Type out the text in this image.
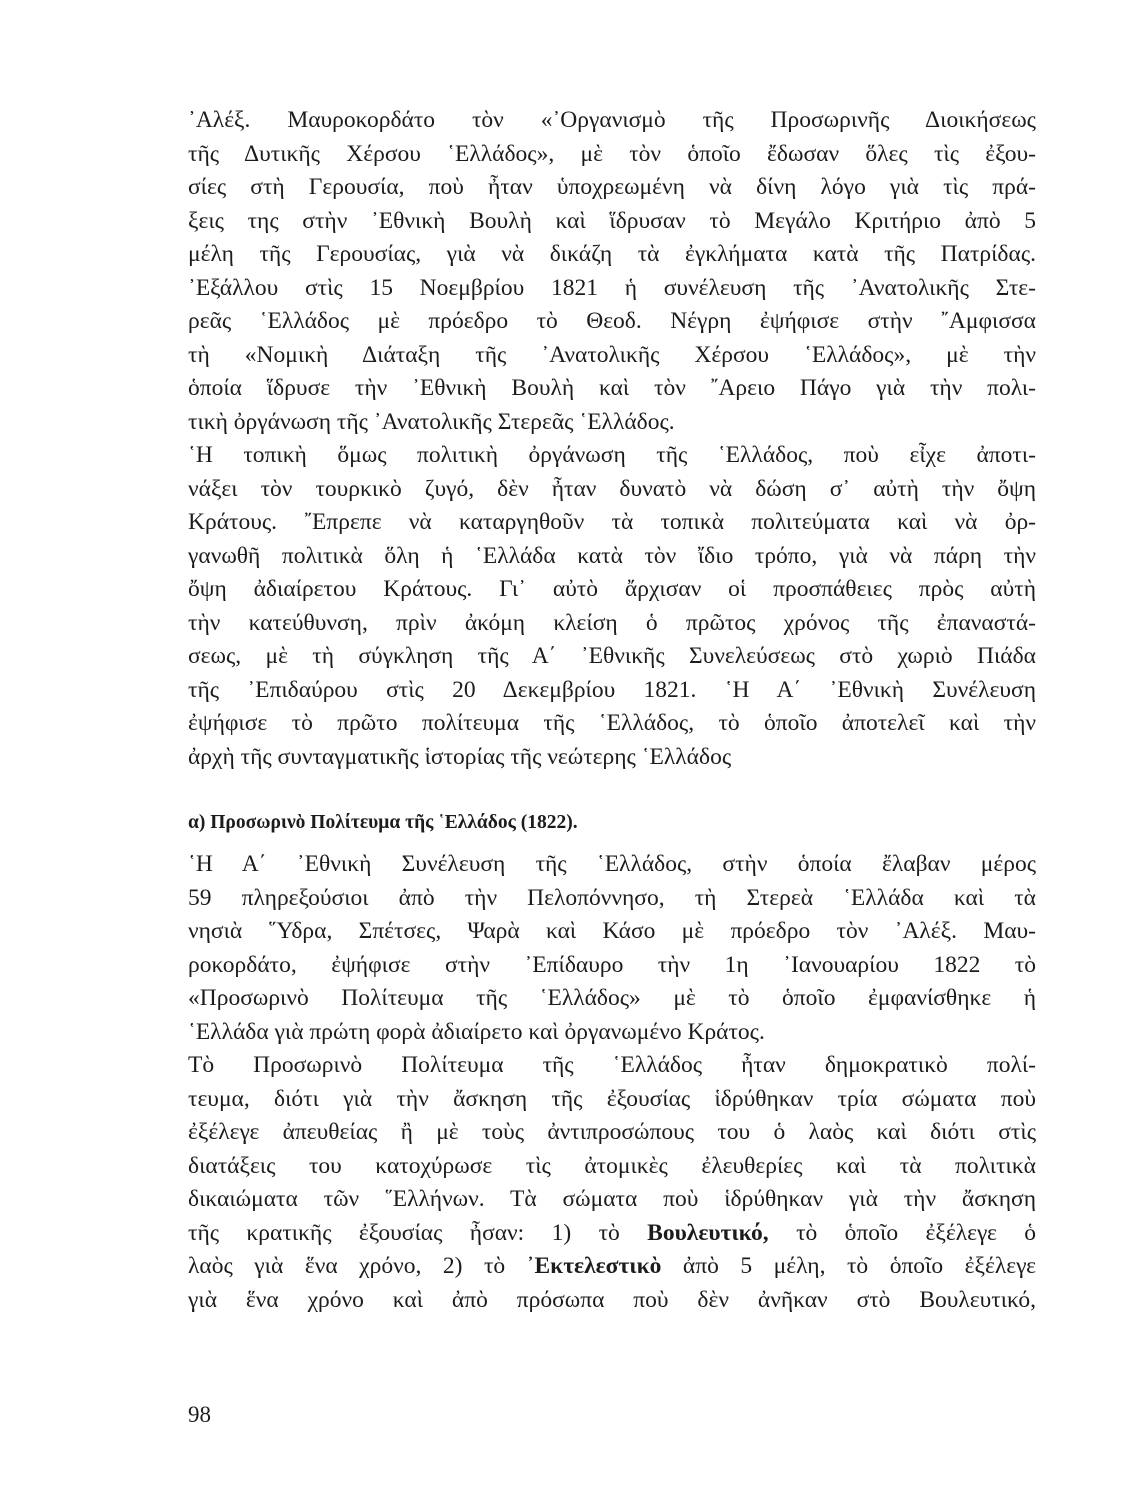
᾿Αλέξ. Μαυροκορδάτο τὸν «᾿Οργανισμὸ τῆς Προσωρινῆς Διοικήσεως
τῆς Δυτικῆς Χέρσου ῾Ελλάδος», μὲ τὸν ὁποῖο ἔδωσαν ὅλες τὶς ἐξου-
σίες στὴ Γερουσία, ποὺ ἦταν ὑποχρεωμένη νὰ δίνη λόγο γιὰ τὶς πρά-
ξεις της στὴν ᾿Εθνικὴ Βουλὴ καὶ ἵδρυσαν τὸ Μεγάλο Κριτήριο ἀπὸ 5
μέλη τῆς Γερουσίας, γιὰ νὰ δικάζη τὰ ἐγκλήματα κατὰ τῆς Πατρίδας.
᾿Εξάλλου στὶς 15 Νοεμβρίου 1821 ἡ συνέλευση τῆς ᾿Ανατολικῆς Στε-
ρεᾶς ῾Ελλάδος μὲ πρόεδρο τὸ Θεοδ. Νέγρη ἐψήφισε στὴν ῎Αμφισσα
τὴ «Νομικὴ Διάταξη τῆς ᾿Ανατολικῆς Χέρσου ῾Ελλάδος», μὲ τὴν
ὁποία ἵδρυσε τὴν ᾿Εθνικὴ Βουλὴ καὶ τὸν ῎Αρειο Πάγο γιὰ τὴν πολι-
τικὴ ὀργάνωση τῆς ᾿Ανατολικῆς Στερεᾶς ῾Ελλάδος.
῾Η τοπικὴ ὅμως πολιτικὴ ὀργάνωση τῆς ῾Ελλάδος, ποὺ εἶχε ἀποτι-
νάξει τὸν τουρκικὸ ζυγό, δὲν ἦταν δυνατὸ νὰ δώση σ᾿ αὐτὴ τὴν ὄψη
Κράτους. ῎Επρεπε νὰ καταργηθοῦν τὰ τοπικὰ πολιτεύματα καὶ νὰ ὀρ-
γανωθῆ πολιτικὰ ὅλη ἡ ῾Ελλάδα κατὰ τὸν ἴδιο τρόπο, γιὰ νὰ πάρη τὴν
ὄψη ἀδιαίρετου Κράτους. Γι᾿ αὐτὸ ἄρχισαν οἱ προσπάθειες πρὸς αὐτὴ
τὴν κατεύθυνση, πρὶν ἀκόμη κλείση ὁ πρῶτος χρόνος τῆς ἐπαναστά-
σεως, μὲ τὴ σύγκληση τῆς Α΄ ᾿Εθνικῆς Συνελεύσεως στὸ χωριὸ Πιάδα
τῆς ᾿Επιδαύρου στὶς 20 Δεκεμβρίου 1821. ῾Η Α΄ ᾿Εθνικὴ Συνέλευση
ἐψήφισε τὸ πρῶτο πολίτευμα τῆς ῾Ελλάδος, τὸ ὁποῖο ἀποτελεῖ καὶ τὴν
ἀρχὴ τῆς συνταγματικῆς ἱστορίας τῆς νεώτερης ῾Ελλάδος
α) Προσωρινὸ Πολίτευμα τῆς ῾Ελλάδος (1822).
῾Η Α΄ ᾿Εθνικὴ Συνέλευση τῆς ῾Ελλάδος, στὴν ὁποία ἔλαβαν μέρος
59 πληρεξούσιοι ἀπὸ τὴν Πελοπόννησο, τὴ Στερεὰ ῾Ελλάδα καὶ τὰ
νησιὰ ῞Υδρα, Σπέτσες, Ψαρὰ καὶ Κάσο μὲ πρόεδρο τὸν ᾿Αλέξ. Μαυ-
ροκορδάτο, ἐψήφισε στὴν ᾿Επίδαυρο τὴν 1η ᾿Ιανουαρίου 1822 τὸ
«Προσωρινὸ Πολίτευμα τῆς ῾Ελλάδος» μὲ τὸ ὁποῖο ἐμφανίσθηκε ἡ
῾Ελλάδα γιὰ πρώτη φορὰ ἀδιαίρετο καὶ ὀργανωμένο Κράτος.
Τὸ Προσωρινὸ Πολίτευμα τῆς ῾Ελλάδος ἦταν δημοκρατικὸ πολί-
τευμα, διότι γιὰ τὴν ἄσκηση τῆς ἐξουσίας ἱδρύθηκαν τρία σώματα ποὺ
ἐξέλεγε ἀπευθείας ἢ μὲ τοὺς ἀντιπροσώπους του ὁ λαὸς καὶ διότι στὶς
διατάξεις του κατοχύρωσε τὶς ἀτομικὲς ἐλευθερίες καὶ τὰ πολιτικὰ
δικαιώματα τῶν ῞Ελλήνων. Τὰ σώματα ποὺ ἱδρύθηκαν γιὰ τὴν ἄσκηση
τῆς κρατικῆς ἐξουσίας ἦσαν: 1) τὸ Βουλευτικό, τὸ ὁποῖο ἐξέλεγε ὁ
λαὸς γιὰ ἕνα χρόνο, 2) τὸ ᾿Εκτελεστικὸ ἀπὸ 5 μέλη, τὸ ὁποῖο ἐξέλεγε
γιὰ ἕνα χρόνο καὶ ἀπὸ πρόσωπα ποὺ δὲν ἀνῆκαν στὸ Βουλευτικό,
98
